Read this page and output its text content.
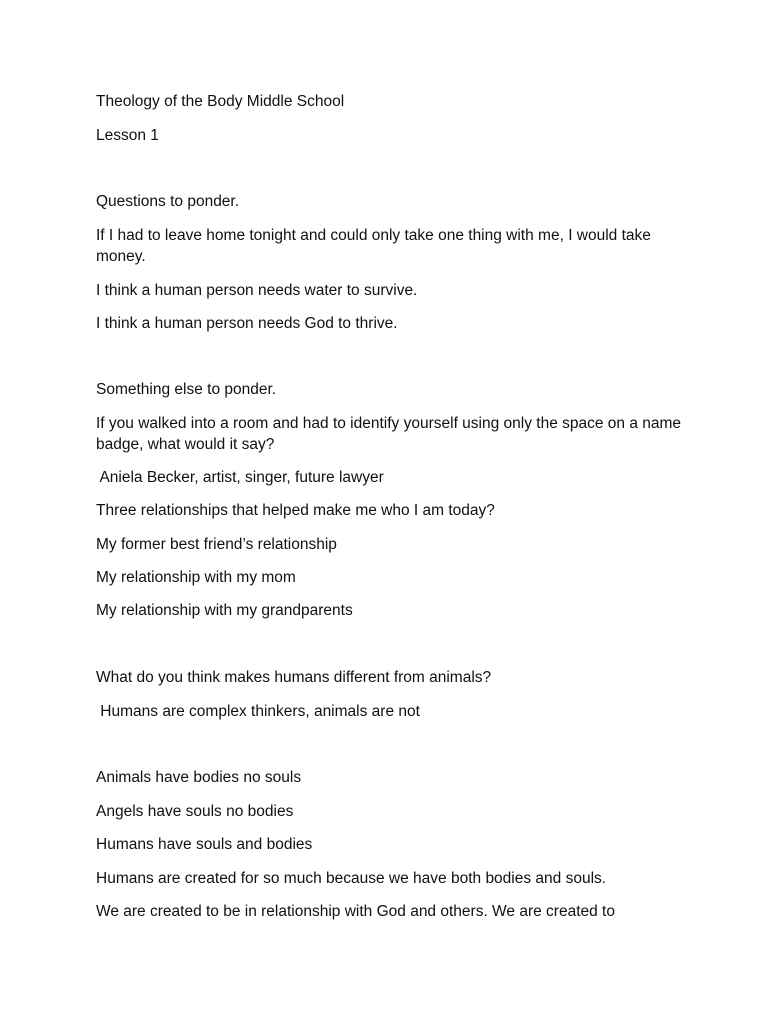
Theology of the Body Middle School
Lesson 1
Questions to ponder.
If I had to leave home tonight and could only take one thing with me, I would take money.
I think a human person needs water to survive.
I think a human person needs God to thrive.
Something else to ponder.
If you walked into a room and had to identify yourself using only the space on a name badge, what would it say?
Aniela Becker, artist, singer, future lawyer
Three relationships that helped make me who I am today?
My former best friend’s relationship
My relationship with my mom
My relationship with my grandparents
What do you think makes humans different from animals?
Humans are complex thinkers, animals are not
Animals have bodies no souls
Angels have souls no bodies
Humans have souls and bodies
Humans are created for so much because we have both bodies and souls.
We are created to be in relationship with God and others. We are created to
